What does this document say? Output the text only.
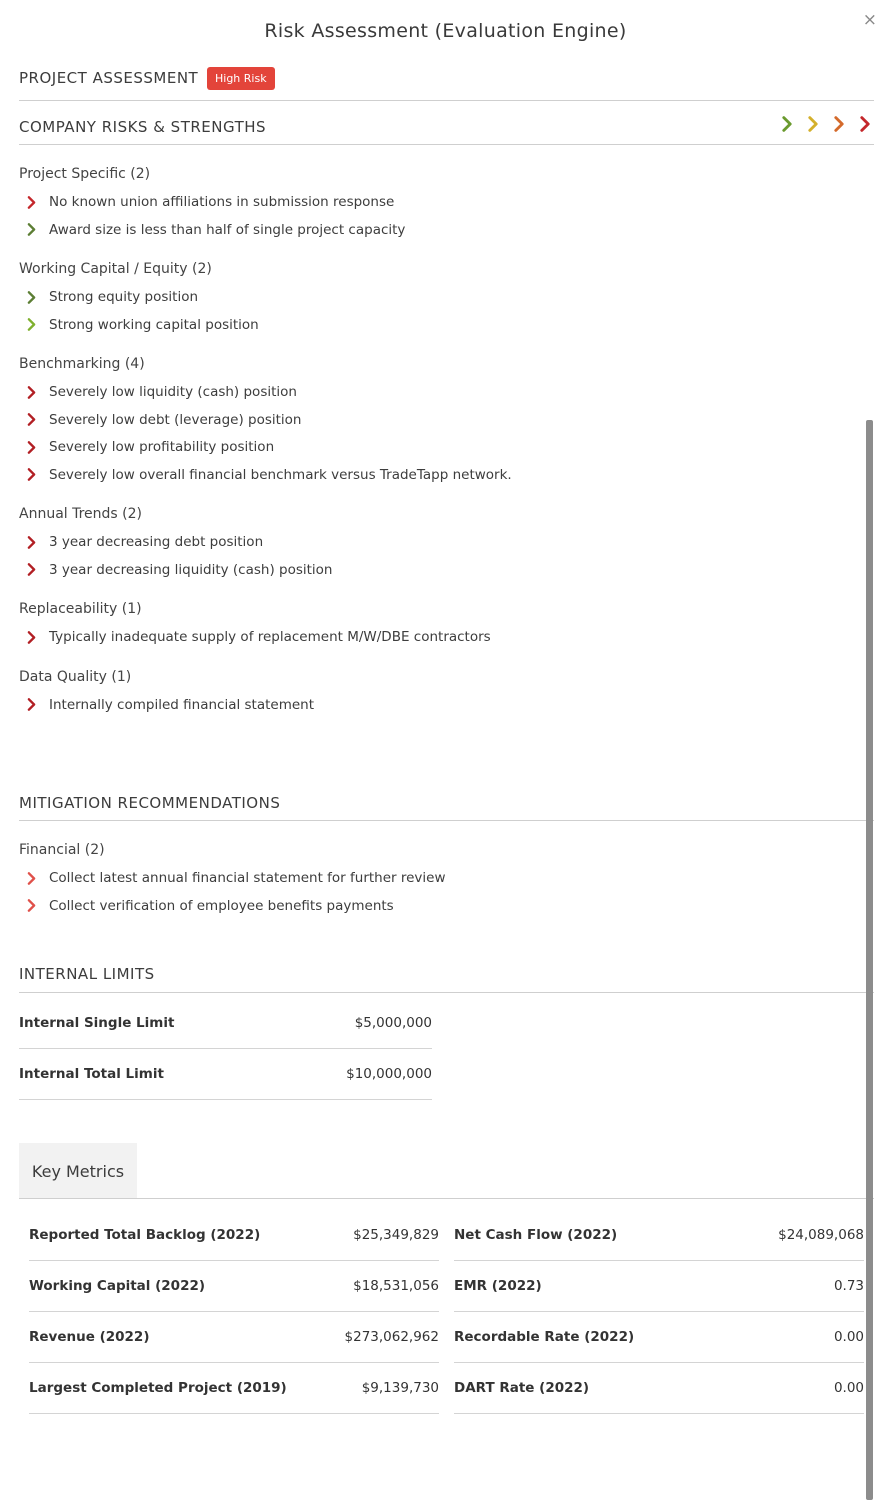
Risk Assessment (Evaluation Engine)	×
PROJECT ASSESSMENT	High Risk
COMPANY RISKS & STRENGTHS
Project Specific (2)
No known union affiliations in submission response
Award size is less than half of single project capacity
Working Capital / Equity (2)
Strong equity position
Strong working capital position
Benchmarking (4)
Severely low liquidity (cash) position
Severely low debt (leverage) position
Severely low profitability position
Severely low overall financial benchmark versus TradeTapp network.
Annual Trends (2)
3 year decreasing debt position
3 year decreasing liquidity (cash) position
Replaceability (1)
Typically inadequate supply of replacement M/W/DBE contractors
Data Quality (1)
Internally compiled financial statement
MITIGATION RECOMMENDATIONS
Financial (2)
Collect latest annual financial statement for further review
Collect verification of employee benefits payments
INTERNAL LIMITS
Internal Single Limit	$5,000,000
Internal Total Limit	$10,000,000
Key Metrics
Reported Total Backlog (2022)	$25,349,829
Working Capital (2022)	$18,531,056
Revenue (2022)	$273,062,962
Largest Completed Project (2019)	$9,139,730
Net Cash Flow (2022)	$24,089,068
EMR (2022)	0.73
Recordable Rate (2022)	0.00
DART Rate (2022)	0.00
